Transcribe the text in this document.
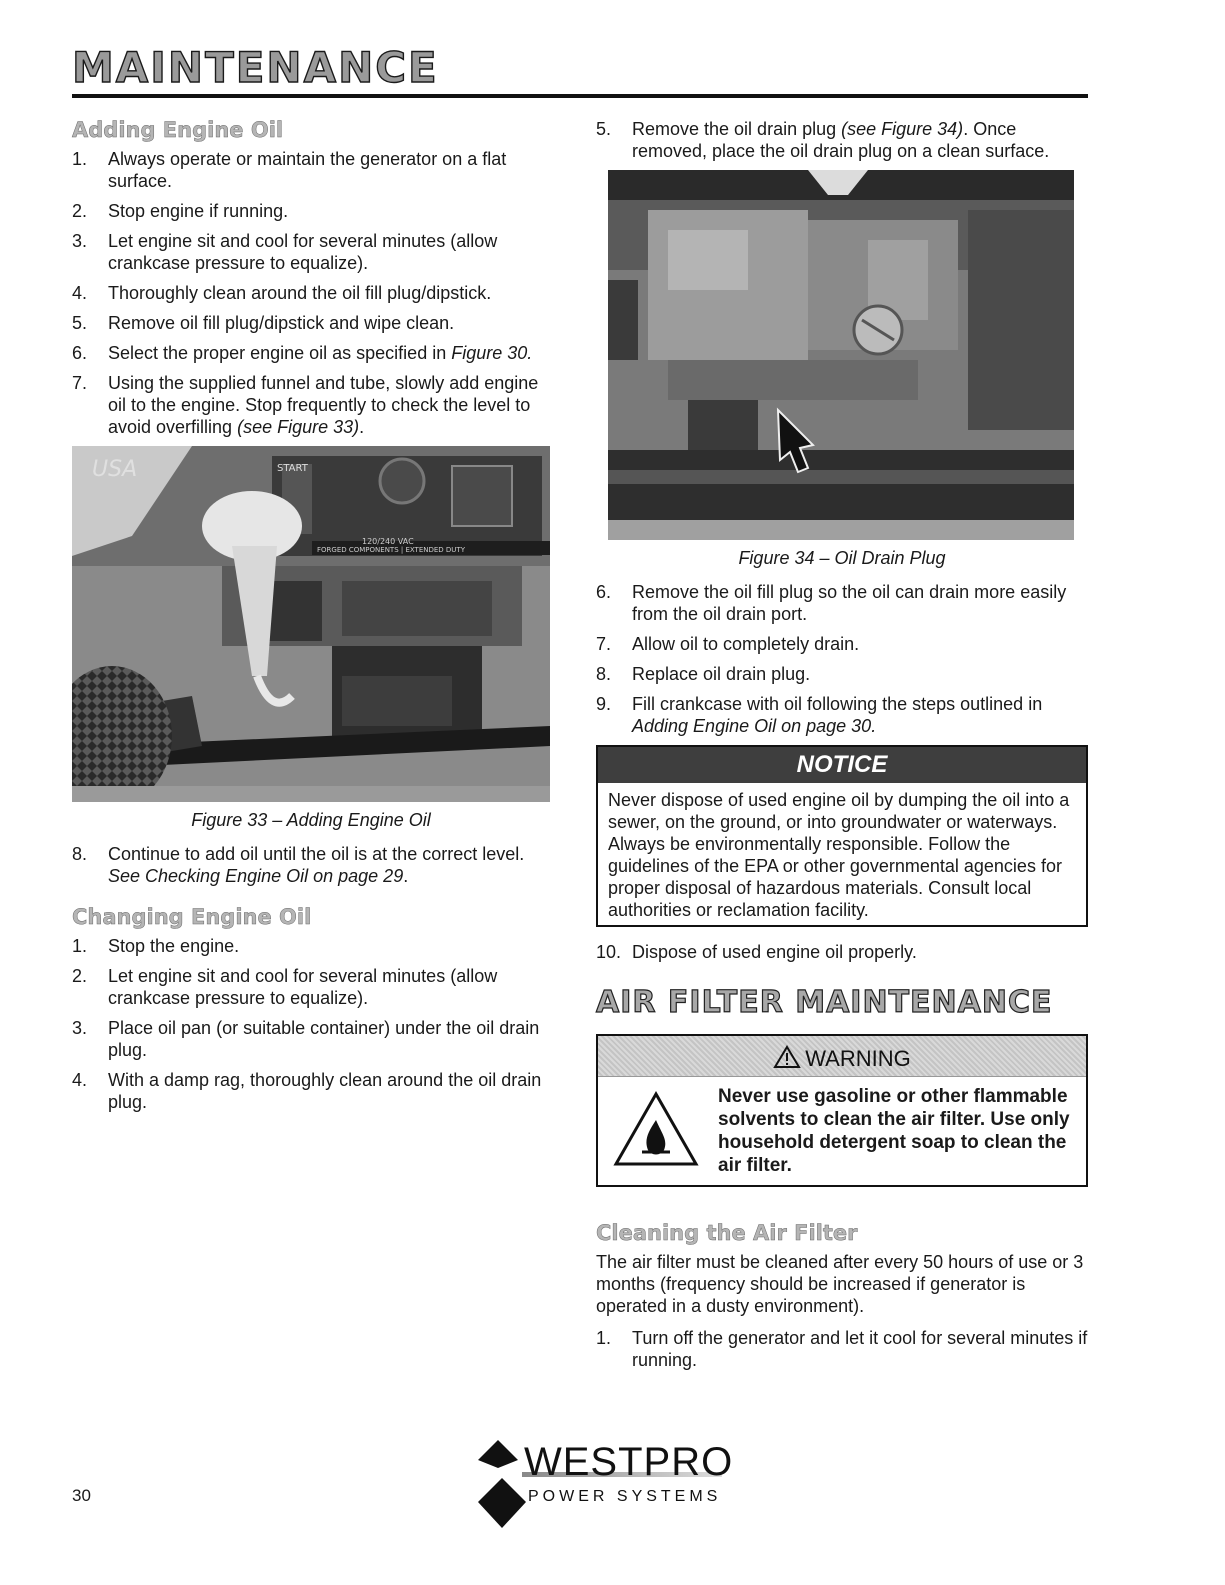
MAINTENANCE
Adding Engine Oil
1. Always operate or maintain the generator on a flat surface.
2. Stop engine if running.
3. Let engine sit and cool for several minutes (allow crankcase pressure to equalize).
4. Thoroughly clean around the oil fill plug/dipstick.
5. Remove oil fill plug/dipstick and wipe clean.
6. Select the proper engine oil as specified in Figure 30.
7. Using the supplied funnel and tube, slowly add engine oil to the engine. Stop frequently to check the level to avoid overfilling (see Figure 33).
START
120/240 VAC
FORGED COMPONENTS | EXTENDED DUTY
USA
Figure 33 – Adding Engine Oil
8. Continue to add oil until the oil is at the correct level. See Checking Engine Oil on page 29.
Changing Engine Oil
1. Stop the engine.
2. Let engine sit and cool for several minutes (allow crankcase pressure to equalize).
3. Place oil pan (or suitable container) under the oil drain plug.
4. With a damp rag, thoroughly clean around the oil drain plug.
5. Remove the oil drain plug (see Figure 34). Once removed, place the oil drain plug on a clean surface.
Figure 34 – Oil Drain Plug
6. Remove the oil fill plug so the oil can drain more easily from the oil drain port.
7. Allow oil to completely drain.
8. Replace oil drain plug.
9. Fill crankcase with oil following the steps outlined in Adding Engine Oil on page 30.
NOTICE
Never dispose of used engine oil by dumping the oil into a sewer, on the ground, or into groundwater or waterways. Always be environmentally responsible. Follow the guidelines of the EPA or other governmental agencies for proper disposal of hazardous materials. Consult local authorities or reclamation facility.
10. Dispose of used engine oil properly.
AIR FILTER MAINTENANCE
WARNING
Never use gasoline or other flammable solvents to clean the air filter. Use only household detergent soap to clean the air filter.
Cleaning the Air Filter

The air filter must be cleaned after every 50 hours of use or 3 months (frequency should be increased if generator is operated in a dusty environment).

1. Turn off the generator and let it cool for several minutes if running.
30
WESTPRO
POWER SYSTEMS
